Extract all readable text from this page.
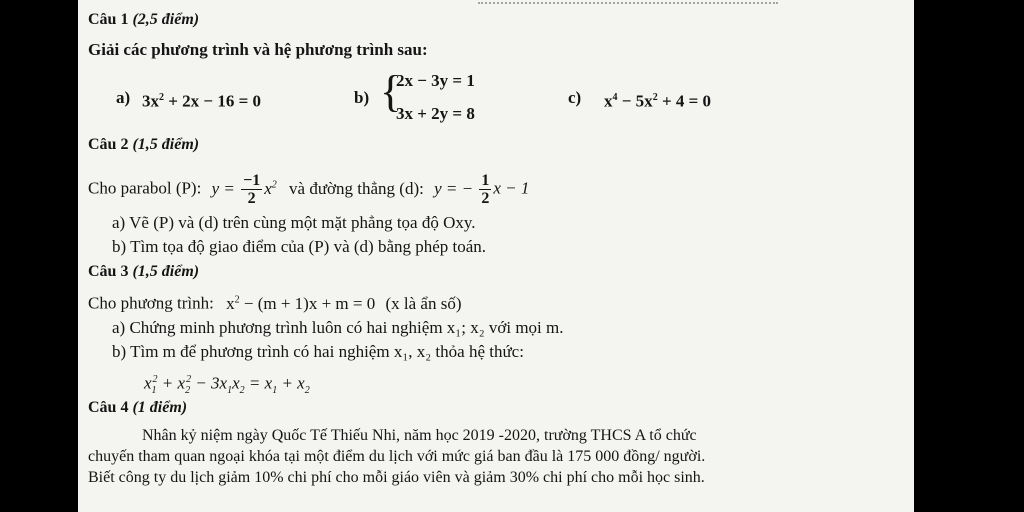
Câu 1 (2,5 điểm)
Giải các phương trình và hệ phương trình sau:
a) $3x^2 + 2x - 16 = 0$	b) {
2x − 3y = 1
3x + 2y = 8
c) $x^4 - 5x^2 + 4 = 0$
Câu 2 (1,5 điểm)
Cho parabol (P): $y = \frac{-1}{2} x^2$ và đường thẳng (d): y = − $\frac{1}{2}$ x − 1
a) Vẽ (P) và (d) trên cùng một mặt phẳng tọa độ Oxy.
b) Tìm tọa độ giao điểm của (P) và (d) bằng phép toán.
Câu 3 (1,5 điểm)
Cho phương trình: $x^2 - (m + 1)x + m = 0$ (x là ẩn số)
a) Chứng minh phương trình luôn có hai nghiệm x₁; x₂ với mọi m.
b) Tìm m để phương trình có hai nghiệm x₁, x₂ thỏa hệ thức:
$x_1^2 + x_2^2 - 3x_1x_2 = x_1 + x_2$
Câu 4 (1 điểm)
Nhân kỷ niệm ngày Quốc Tế Thiếu Nhi, năm học 2019 -2020, trường THCS A tổ chức
chuyến tham quan ngoại khóa tại một điểm du lịch với mức giá ban đầu là 175 000 đồng/ người.
Biết công ty du lịch giảm 10% chi phí cho mỗi giáo viên và giảm 30% chi phí cho mỗi học sinh.
